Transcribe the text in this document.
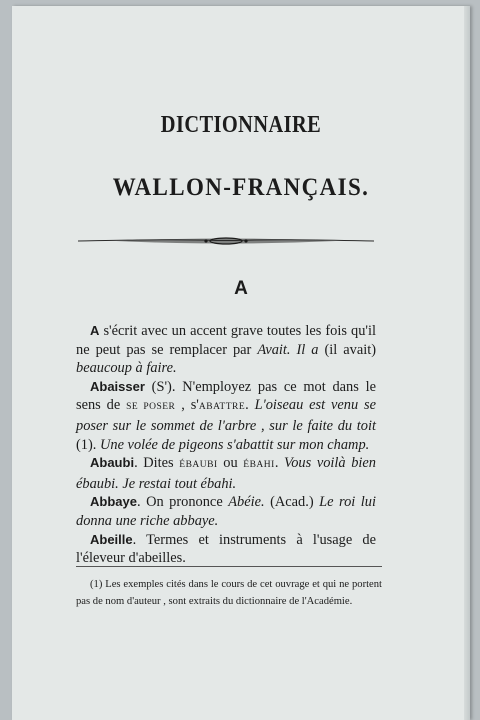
DICTIONNAIRE
WALLON-FRANÇAIS.

A

A s'écrit avec un accent grave toutes les fois qu'il ne peut pas se remplacer par Avait. Il a (il avait) beaucoup à faire.

Abaisser (S'). N'employez pas ce mot dans le sens de SE POSER , s'ABATTRE. L'oiseau est venu se poser sur le sommet de l'arbre , sur le faite du toit (1). Une volée de pigeons s'abattit sur mon champ.

Abaubi. Dites ÉBAUBI ou ÉBAHI. Vous voilà bien ébaubi. Je restai tout ébahi.

Abbaye. On prononce Abéie. (Acad.) Le roi lui donna une riche abbaye.

Abeille. Termes et instruments à l'usage de l'éleveur d'abeilles.

(1) Les exemples cités dans le cours de cet ouvrage et qui ne portent pas de nom d'auteur , sont extraits du dictionnaire de l'Académie.
